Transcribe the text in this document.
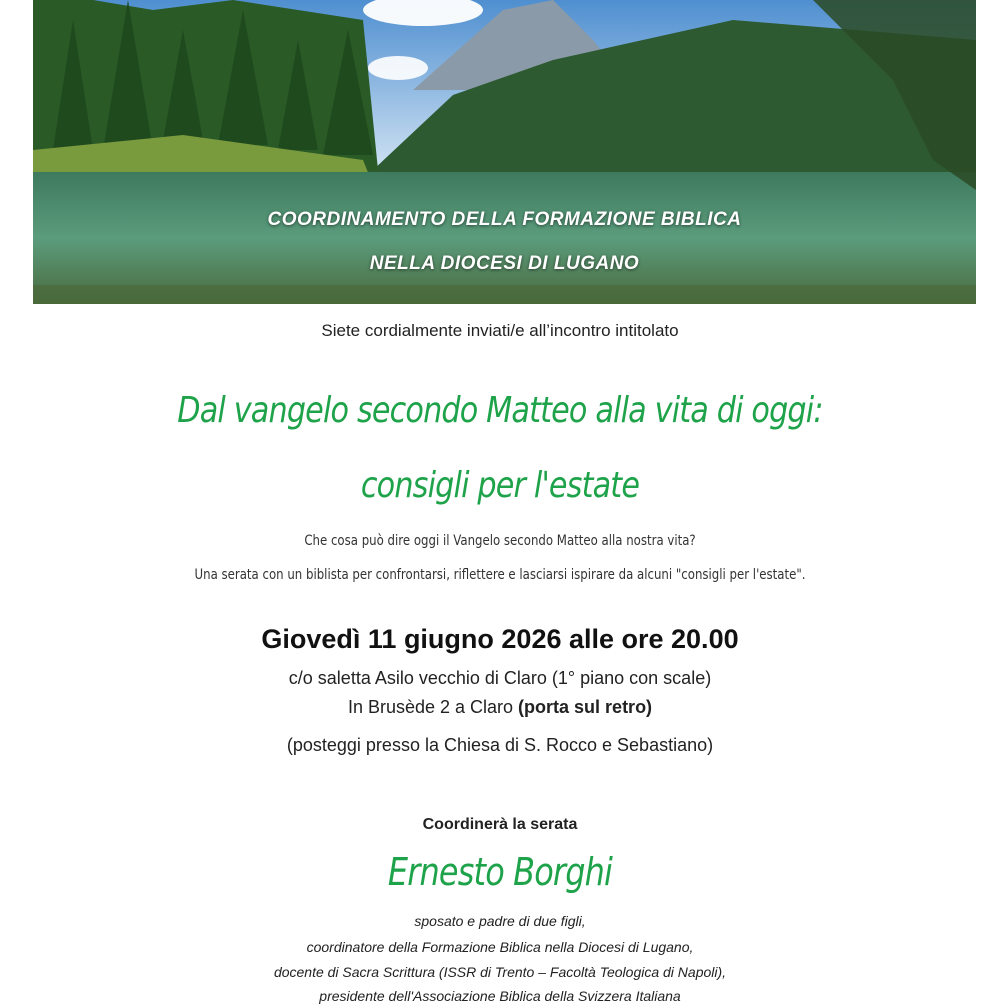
COORDINAMENTO DELLA FORMAZIONE BIBLICA
NELLA DIOCESI DI LUGANO
Siete cordialmente inviati/e all’incontro intitolato
Dal vangelo secondo Matteo alla vita di oggi:
consigli per l'estate
Che cosa può dire oggi il Vangelo secondo Matteo alla nostra vita?
Una serata con un biblista per confrontarsi, riflettere e lasciarsi ispirare da alcuni "consigli per l'estate".
Giovedì 11 giugno 2026 alle ore 20.00
c/o saletta Asilo vecchio di Claro (1° piano con scale)
In Brusède 2 a Claro (porta sul retro)
(posteggi presso la Chiesa di S. Rocco e Sebastiano)
Coordinerà la serata
Ernesto Borghi
sposato e padre di due figli,
coordinatore della Formazione Biblica nella Diocesi di Lugano,
docente di Sacra Scrittura (ISSR di Trento – Facoltà Teologica di Napoli),
presidente dell'Associazione Biblica della Svizzera Italiana
